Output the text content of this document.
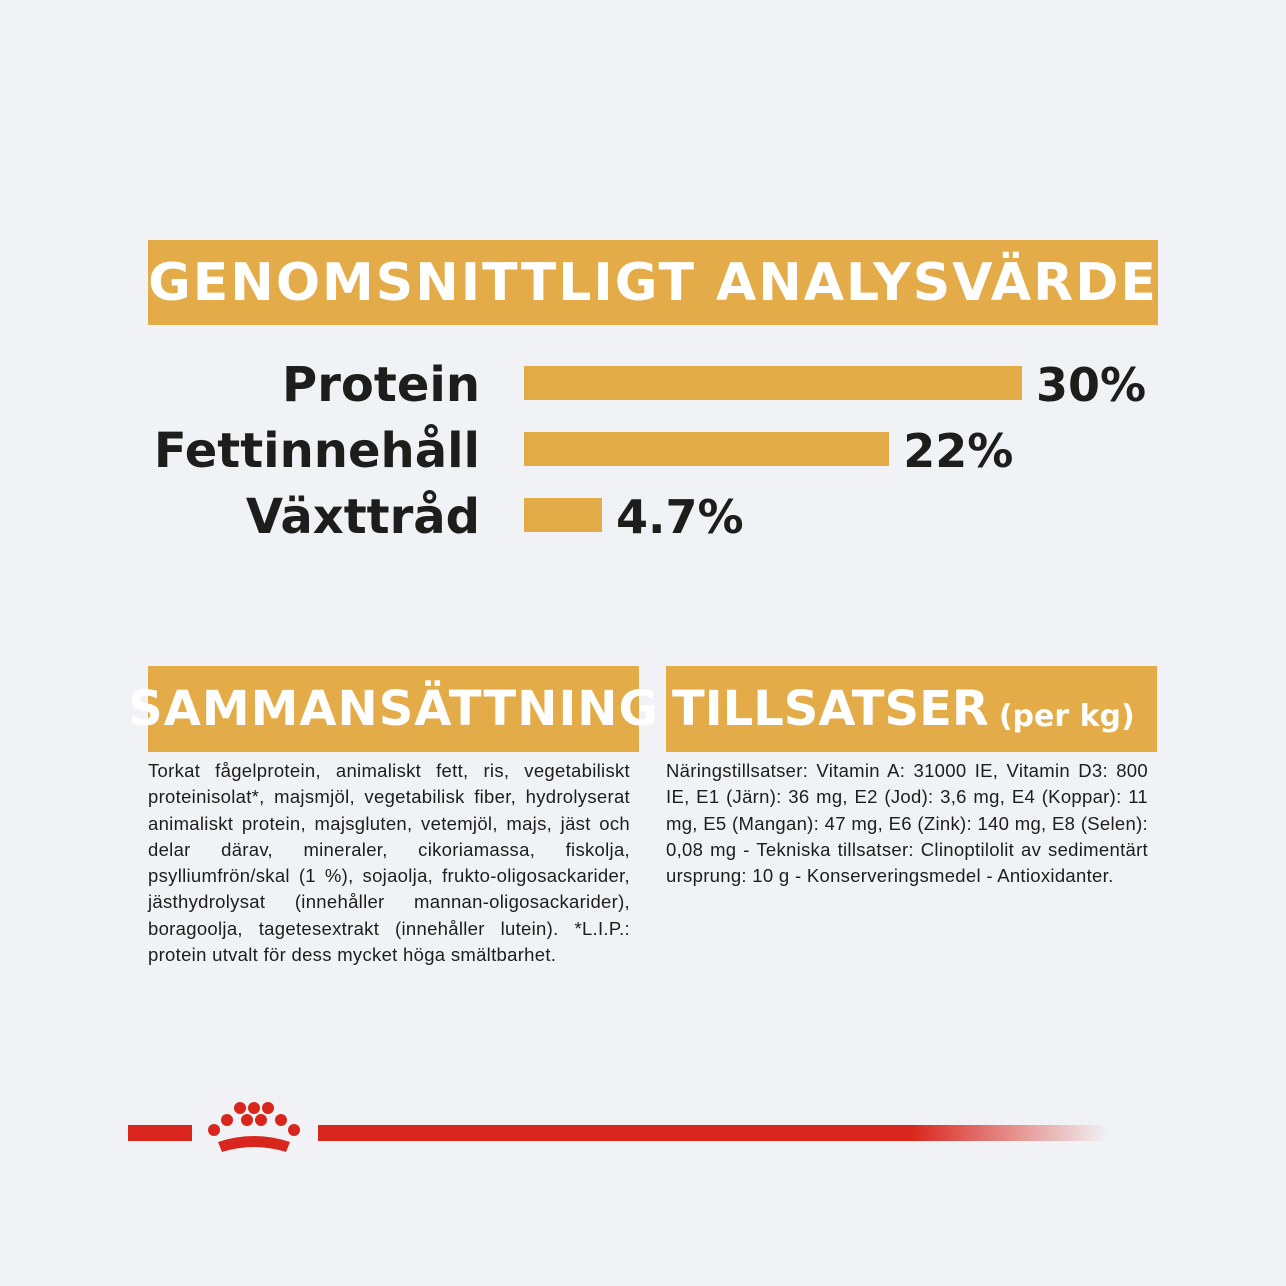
GENOMSNITTLIGT ANALYSVÄRDE
Protein	30%
Fettinnehåll	22%
Växttråd	4.7%
SAMMANSÄTTNING
Torkat fågelprotein, animaliskt fett, ris, vegetabiliskt proteinisolat*, majsmjöl, vegetabilisk fiber, hydrolyserat animaliskt protein, majsgluten, vetemjöl, majs, jäst och delar därav, mineraler, cikoriamassa, fiskolja, psylliumfrön/skal (1 %), sojaolja, frukto-oligosackarider, jästhydrolysat (innehåller mannan-oligosackarider), boragoolja, tagetesextrakt (innehåller lutein). *L.I.P.: protein utvalt för dess mycket höga smältbarhet.
TILLSATSER (per kg)
Näringstillsatser: Vitamin A: 31000 IE, Vitamin D3: 800 IE, E1 (Järn): 36 mg, E2 (Jod): 3,6 mg, E4 (Koppar): 11 mg, E5 (Mangan): 47 mg, E6 (Zink): 140 mg, E8 (Selen): 0,08 mg - Tekniska tillsatser: Clinoptilolit av sedimentärt ursprung: 10 g - Konserveringsmedel - Antioxidanter.
